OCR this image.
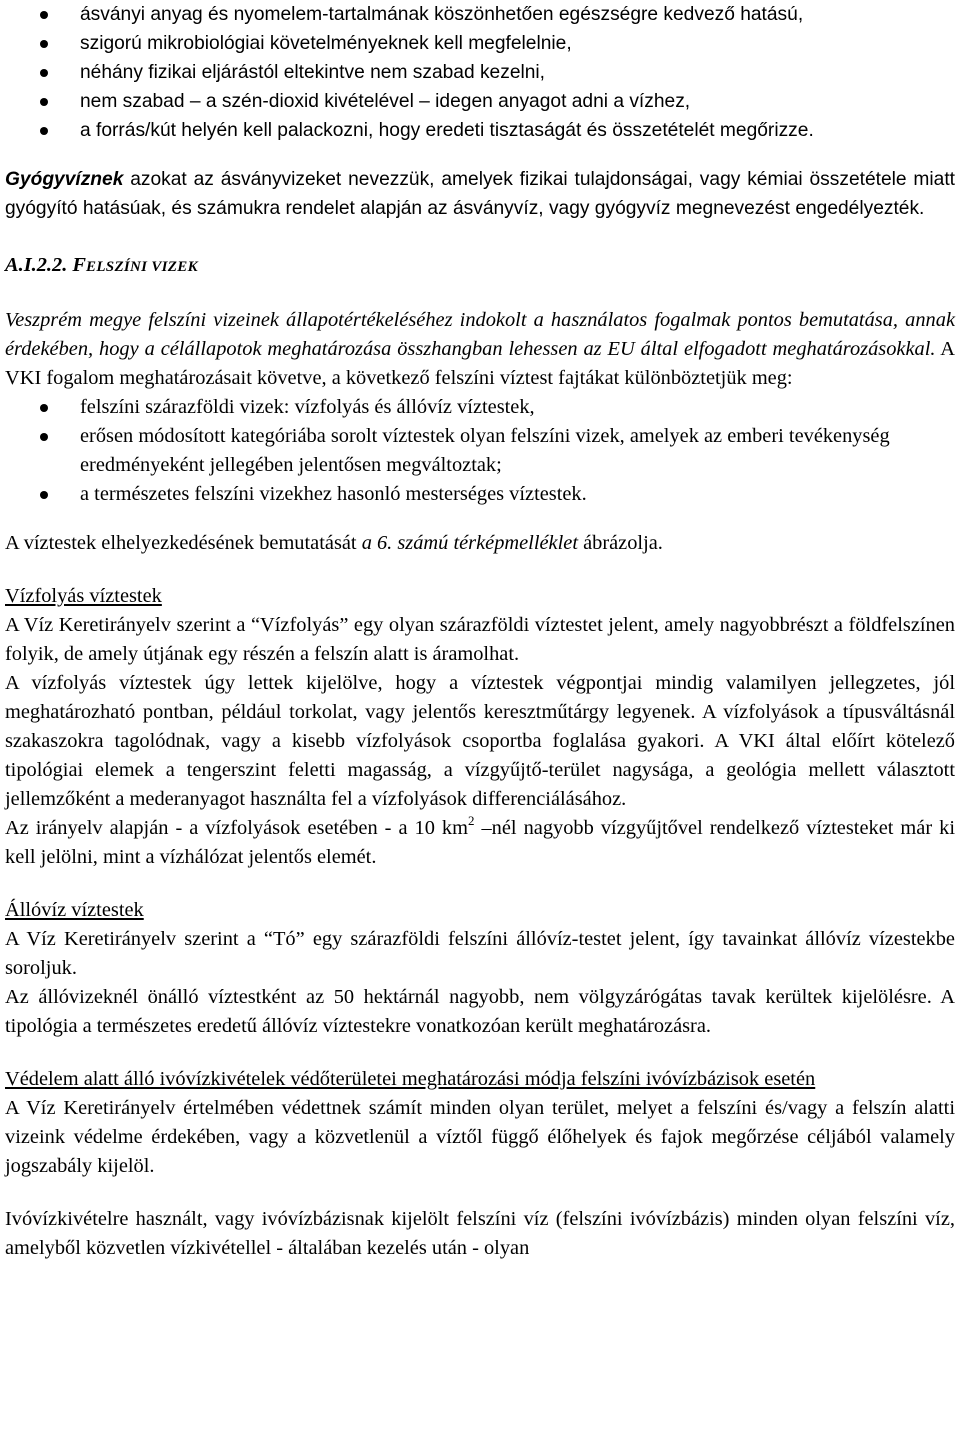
ásványi anyag és nyomelem-tartalmának köszönhetően egészségre kedvező hatású,
szigorú mikrobiológiai követelményeknek kell megfelelnie,
néhány fizikai eljárástól eltekintve nem szabad kezelni,
nem szabad – a szén-dioxid kivételével – idegen anyagot adni a vízhez,
a forrás/kút helyén kell palackozni, hogy eredeti tisztaságát és összetételét megőrizze.

Gyógyvíznek azokat az ásványvizeket nevezzük, amelyek fizikai tulajdonságai, vagy kémiai összetétele miatt gyógyító hatásúak, és számukra rendelet alapján az ásványvíz, vagy gyógyvíz megnevezést engedélyezték.

A.I.2.2. FELSZÍNI VIZEK

Veszprém megye felszíni vizeinek állapotértékeléséhez indokolt a használatos fogalmak pontos bemutatása, annak érdekében, hogy a célállapotok meghatározása összhangban lehessen az EU által elfogadott meghatározásokkal. A VKI fogalom meghatározásait követve, a következő felszíni víztest fajtákat különböztetjük meg:

felszíni szárazföldi vizek: vízfolyás és állóvíz víztestek,
erősen módosított kategóriába sorolt víztestek olyan felszíni vizek, amelyek az emberi tevékenység eredményeként jellegében jelentősen megváltoztak;
a természetes felszíni vizekhez hasonló mesterséges víztestek.

A víztestek elhelyezkedésének bemutatását a 6. számú térképmelléklet ábrázolja.

Vízfolyás víztestek

A Víz Keretirányelv szerint a “Vízfolyás” egy olyan szárazföldi víztestet jelent, amely nagyobbrészt a földfelszínen folyik, de amely útjának egy részén a felszín alatt is áramolhat.

A vízfolyás víztestek úgy lettek kijelölve, hogy a víztestek végpontjai mindig valamilyen jellegzetes, jól meghatározható pontban, például torkolat, vagy jelentős keresztműtárgy legyenek. A vízfolyások a típusváltásnál szakaszokra tagolódnak, vagy a kisebb vízfolyások csoportba foglalása gyakori. A VKI által előírt kötelező tipológiai elemek a tengerszint feletti magasság, a vízgyűjtő-terület nagysága, a geológia mellett választott jellemzőként a mederanyagot használta fel a vízfolyások differenciálásához.

Az irányelv alapján - a vízfolyások esetében - a 10 $km^2$ –nél nagyobb vízgyűjtővel rendelkező víztesteket már ki kell jelölni, mint a vízhálózat jelentős elemét.

Állóvíz víztestek

A Víz Keretirányelv szerint a “Tó” egy szárazföldi felszíni állóvíz-testet jelent, így tavainkat állóvíz vízestekbe soroljuk.

Az állóvizeknél önálló víztestként az 50 hektárnál nagyobb, nem völgyzárógátas tavak kerültek kijelölésre. A tipológia a természetes eredetű állóvíz víztestekre vonatkozóan került meghatározásra.

Védelem alatt álló ivóvízkivételek védőterületei meghatározási módja felszíni ivóvízbázisok esetén

A Víz Keretirányelv értelmében védettnek számít minden olyan terület, melyet a felszíni és/vagy a felszín alatti vizeink védelme érdekében, vagy a közvetlenül a víztől függő élőhelyek és fajok megőrzése céljából valamely jogszabály kijelöl.

Ivóvízkivételre használt, vagy ivóvízbázisnak kijelölt felszíni víz (felszíni ivóvízbázis) minden olyan felszíni víz, amelyből közvetlen vízkivétellel - általában kezelés után - olyan
